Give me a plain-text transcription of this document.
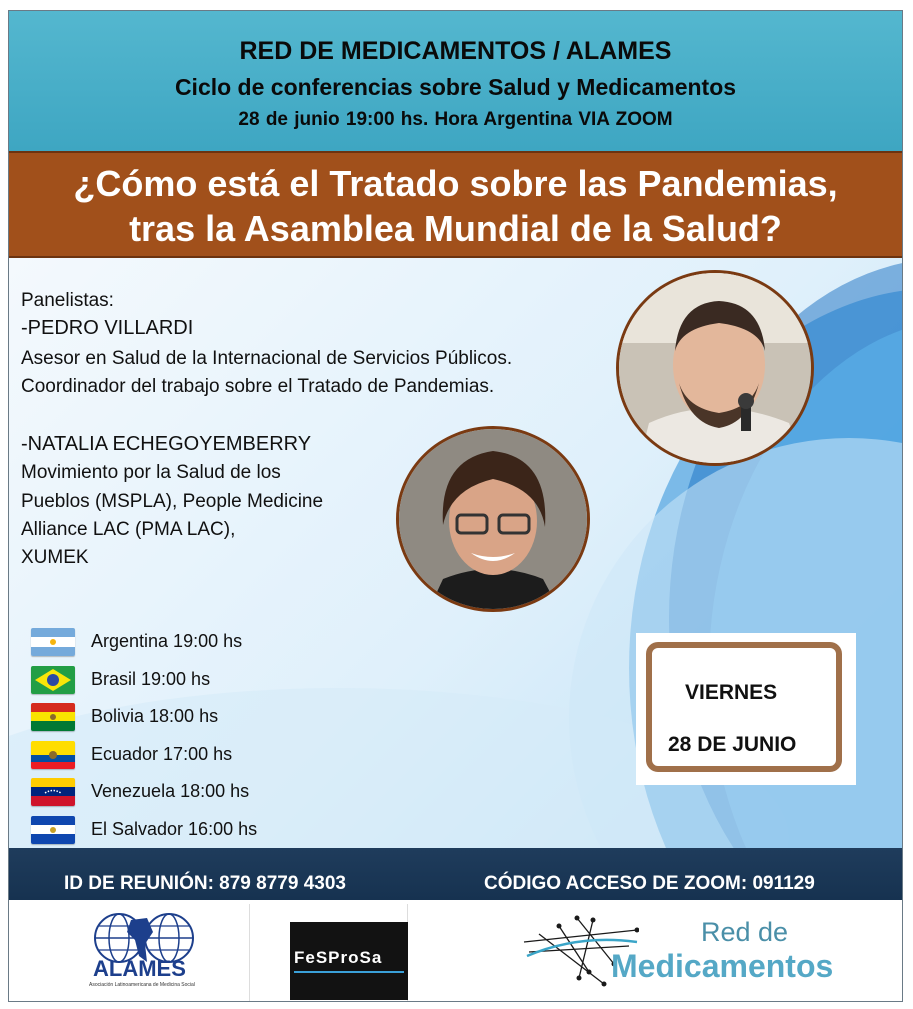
RED DE MEDICAMENTOS / ALAMES
Ciclo de conferencias sobre Salud y Medicamentos
28 de junio 19:00 hs. Hora Argentina VIA ZOOM
¿Cómo está el Tratado sobre las Pandemias,
tras la Asamblea Mundial de la Salud?
Panelistas:
-PEDRO VILLARDI
Asesor en Salud de la Internacional de Servicios Públicos.
Coordinador del trabajo sobre el Tratado de Pandemias.
-NATALIA ECHEGOYEMBERRY
Movimiento por la Salud de los
Pueblos (MSPLA), People Medicine
Alliance LAC (PMA LAC),
XUMEK
Argentina 19:00 hs
Brasil 19:00 hs
Bolivia 18:00 hs
Ecuador 17:00 hs
Venezuela 18:00 hs
El Salvador 16:00 hs
VIERNES
28 DE JUNIO
ID DE REUNIÓN: 879 8779 4303	CÓDIGO ACCESO DE ZOOM: 091129
ALAMES
Asociación Latinoamericana de Medicina Social
FeSProSa
Red de
Medicamentos
